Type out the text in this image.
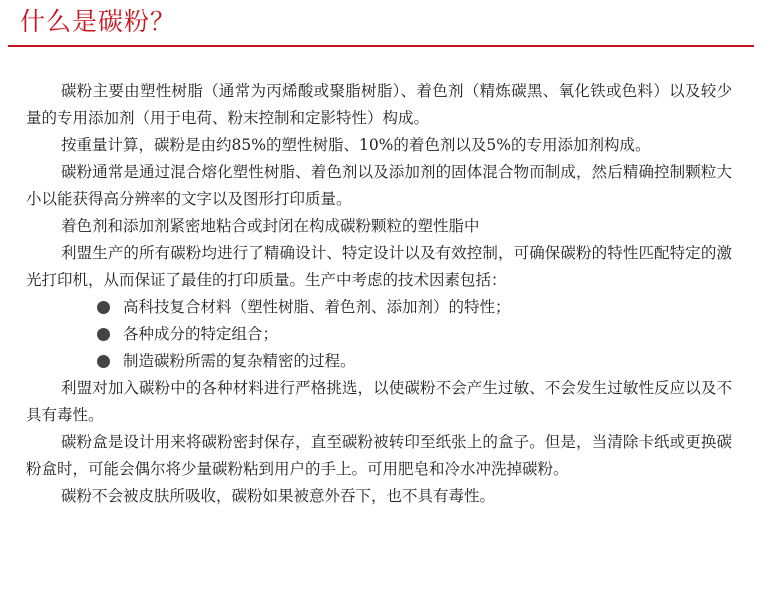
什么是碳粉？

碳粉主要由塑性树脂（通常为丙烯酸或聚脂树脂）、着色剂（精炼碳黑、氧化铁或色料）以及较少量的专用添加剂（用于电荷、粉末控制和定影特性）构成。

按重量计算，碳粉是由约85%的塑性树脂、10%的着色剂以及5%的专用添加剂构成。

碳粉通常是通过混合熔化塑性树脂、着色剂以及添加剂的固体混合物而制成，然后精确控制颗粒大小以能获得高分辨率的文字以及图形打印质量。

着色剂和添加剂紧密地粘合或封闭在构成碳粉颗粒的塑性脂中

利盟生产的所有碳粉均进行了精确设计、特定设计以及有效控制，可确保碳粉的特性匹配特定的激光打印机，从而保证了最佳的打印质量。生产中考虑的技术因素包括：

高科技复合材料（塑性树脂、着色剂、添加剂）的特性；
各种成分的特定组合；
制造碳粉所需的复杂精密的过程。

利盟对加入碳粉中的各种材料进行严格挑选，以使碳粉不会产生过敏、不会发生过敏性反应以及不具有毒性。

碳粉盒是设计用来将碳粉密封保存，直至碳粉被转印至纸张上的盒子。但是，当清除卡纸或更换碳粉盒时，可能会偶尔将少量碳粉粘到用户的手上。可用肥皂和冷水冲洗掉碳粉。

碳粉不会被皮肤所吸收，碳粉如果被意外吞下，也不具有毒性。
